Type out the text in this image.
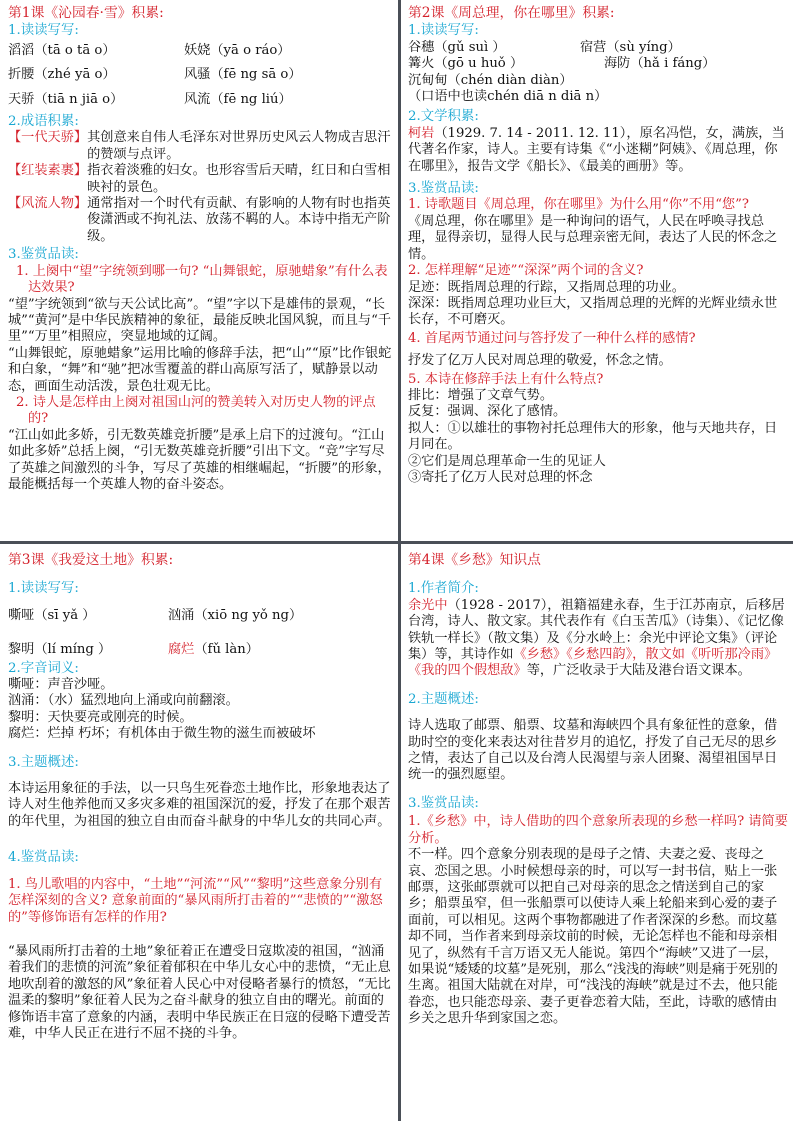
第1课《沁园春·雪》积累:
1.读读写写:
滔滔（tā o tā o）	妖娆（yā o ráo）
折腰（zhé yā o）	风骚（fē ng sā o）
天骄（tiā n jiā o）	风流（fē ng liú）
2.成语积累:
【一代天骄】 其创意来自伟人毛泽东对世界历史风云人物成吉思汗的赞颂与点评。
【红装素裹】 指衣着淡雅的妇女。也形容雪后天晴，红日和白雪相映衬的景色。
【风流人物】 通常指对一个时代有贡献、有影响的人物有时也指英俊潇洒或不拘礼法、放荡不羁的人。本诗中指无产阶级。
3.鉴赏品读:
1. 上阕中“望”字统领到哪一句? “山舞银蛇，原驰蜡象”有什么表达效果?
“望”字统领到“欲与天公试比高”。“望”字以下是雄伟的景观，“长城”“黄河”是中华民族精神的象征，最能反映北国风貌，而且与“千里”“万里”相照应，突显地域的辽阔。
“山舞银蛇，原驰蜡象”运用比喻的修辞手法，把“山”“原”比作银蛇和白象，“舞”和“驰”把冰雪覆盖的群山高原写活了，赋静景以动态，画面生动活泼，景色壮观无比。
2. 诗人是怎样由上阕对祖国山河的赞美转入对历史人物的评点的?
“江山如此多娇，引无数英雄竞折腰”是承上启下的过渡句。“江山如此多娇”总括上阕，“引无数英雄竞折腰”引出下文。“竞”字写尽了英雄之间激烈的斗争，写尽了英雄的相继崛起，“折腰”的形象，最能概括每一个英雄人物的奋斗姿态。
第2课《周总理，你在哪里》积累:
1.读读写写:
谷穗（gǔ suì ）	宿营（sù yíng）
篝火（gō u huǒ ）	海防（hǎ i fáng）
沉甸甸（chén diàn diàn）
（口语中也读chén diā n diā n）
2.文学积累:
柯岩（1929. 7. 14 - 2011. 12. 11），原名冯恺，女，满族，当代著名作家，诗人。主要有诗集《“小迷糊”阿姨》、《周总理，你在哪里》，报告文学《船长》、《最美的画册》等。
3.鉴赏品读:
1. 诗歌题目《周总理，你在哪里》为什么用“你”不用“您”?
《周总理，你在哪里》是一种询问的语气，人民在呼唤寻找总理，显得亲切，显得人民与总理亲密无间，表达了人民的怀念之情。
2. 怎样理解“足迹”“深深”两个词的含义?
足迹：既指周总理的行踪，又指周总理的功业。
深深：既指周总理功业巨大，又指周总理的光辉的光辉业绩永世长存，不可磨灭。
4. 首尾两节通过问与答抒发了一种什么样的感情?
抒发了亿万人民对周总理的敬爱，怀念之情。
5. 本诗在修辞手法上有什么特点?
排比：增强了文章气势。
反复：强调、深化了感情。
拟人：①以雄壮的事物衬托总理伟大的形象，他与天地共存，日月同在。
②它们是周总理革命一生的见证人
③寄托了亿万人民对总理的怀念
第3课《我爱这土地》积累:
1.读读写写:
嘶哑（sī yǎ ）	汹涌（xiō ng yǒ ng）
黎明（lí míng ）	腐烂 （fǔ làn）
2.字音词义:
嘶哑：声音沙哑。
汹涌：（水）猛烈地向上涌或向前翻滚。
黎明：天快要亮或刚亮的时候。
腐烂：烂掉 朽坏；有机体由于微生物的滋生而被破坏
3.主题概述:
本诗运用象征的手法，以一只鸟生死眷恋土地作比，形象地表达了诗人对生他养他而又多灾多难的祖国深沉的爱，抒发了在那个艰苦的年代里，为祖国的独立自由而奋斗献身的中华儿女的共同心声。
4.鉴赏品读:
1. 鸟儿歌唱的内容中，“土地”“河流”“风”“黎明”这些意象分别有怎样深刻的含义? 意象前面的“暴风雨所打击着的”“悲愤的”“激怒的”等修饰语有怎样的作用?
“暴风雨所打击着的土地”象征着正在遭受日寇欺凌的祖国，“汹涌着我们的悲愤的河流”象征着郁积在中华儿女心中的悲愤，“无止息地吹刮着的激怒的风”象征着人民心中对侵略者暴行的愤怒，“无比温柔的黎明”象征着人民为之奋斗献身的独立自由的曙光。前面的修饰语丰富了意象的内涵，表明中华民族正在日寇的侵略下遭受苦难，中华人民正在进行不屈不挠的斗争。
第4课《乡愁》知识点
1.作者简介:
余光中（1928 - 2017），祖籍福建永春，生于江苏南京，后移居台湾，诗人、散文家。其代表作有《白玉苦瓜》（诗集）、《记忆像铁轨一样长》（散文集）及《分水岭上：余光中评论文集》（评论集）等，其诗作如《乡愁》《乡愁四韵》，散文如《听听那冷雨》《我的四个假想敌》等，广泛收录于大陆及港台语文课本。
2.主题概述:
诗人选取了邮票、船票、坟墓和海峡四个具有象征性的意象，借助时空的变化来表达对往昔岁月的追忆，抒发了自己无尽的思乡之情，表达了自己以及台湾人民渴望与亲人团聚、渴望祖国早日统一的强烈愿望。
3.鉴赏品读:
1.《乡愁》中，诗人借助的四个意象所表现的乡愁一样吗? 请简要分析。
不一样。四个意象分别表现的是母子之情、夫妻之爱、丧母之哀、恋国之思。小时候想母亲的时，可以写一封书信，贴上一张邮票，这张邮票就可以把自己对母亲的思念之情送到自己的家乡；船票虽窄，但一张船票可以使诗人乘上轮船来到心爱的妻子面前，可以相见。这两个事物都融进了作者深深的乡愁。而坟墓却不同，当作者来到母亲坟前的时候，无论怎样也不能和母亲相见了，纵然有千言万语又无人能说。第四个“海峡”又进了一层，如果说“矮矮的坟墓”是死别，那么“浅浅的海峡”则是痛于死别的生离。祖国大陆就在对岸，可“浅浅的海峡”就是过不去，他只能眷恋，也只能恋母亲、妻子更眷恋着大陆，至此，诗歌的感情由乡关之思升华到家国之恋。
